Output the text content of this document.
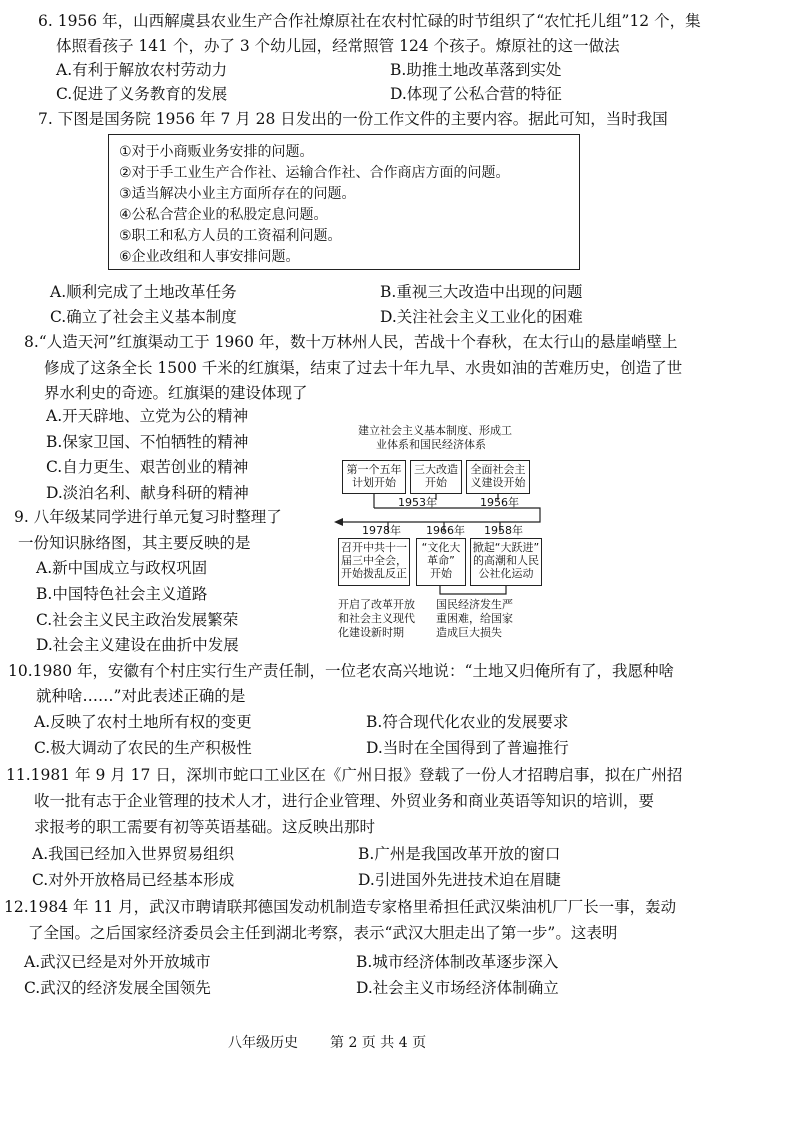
6. 1956 年，山西解虞县农业生产合作社燎原社在农村忙碌的时节组织了“农忙托儿组”12 个，集
体照看孩子 141 个，办了 3 个幼儿园，经常照管 124 个孩子。燎原社的这一做法
A.有利于解放农村劳动力	B.助推土地改革落到实处
C.促进了义务教育的发展	D.体现了公私合营的特征
7. 下图是国务院 1956 年 7 月 28 日发出的一份工作文件的主要内容。据此可知，当时我国
①对于小商贩业务安排的问题。
②对于手工业生产合作社、运输合作社、合作商店方面的问题。
③适当解决小业主方面所存在的问题。
④公私合营企业的私股定息问题。
⑤职工和私方人员的工资福利问题。
⑥企业改组和人事安排问题。
A.顺利完成了土地改革任务	B.重视三大改造中出现的问题
C.确立了社会主义基本制度	D.关注社会主义工业化的困难
8.“人造天河”红旗渠动工于 1960 年，数十万林州人民，苦战十个春秋，在太行山的悬崖峭壁上
修成了这条全长 1500 千米的红旗渠，结束了过去十年九旱、水贵如油的苦难历史，创造了世
界水利史的奇迹。红旗渠的建设体现了
A.开天辟地、立党为公的精神
B.保家卫国、不怕牺牲的精神
C.自力更生、艰苦创业的精神
D.淡泊名利、献身科研的精神
9. 八年级某同学进行单元复习时整理了
一份知识脉络图，其主要反映的是
A.新中国成立与政权巩固
B.中国特色社会主义道路
C.社会主义民主政治发展繁荣
D.社会主义建设在曲折中发展
建立社会主义基本制度、形成工
业体系和国民经济体系
第一个五年
计划开始
三大改造
开始
全面社会主
义建设开始
1953年	1956年
1978年 1966年 1958年
召开中共十一
届三中全会，
开始拨乱反正
“文化大
革命”
开始
掀起“大跃进”
的高潮和人民
公社化运动
开启了改革开放
和社会主义现代
化建设新时期
国民经济发生严
重困难，给国家
造成巨大损失
10.1980 年，安徽有个村庄实行生产责任制，一位老农高兴地说：“土地又归俺所有了，我愿种啥
就种啥……”对此表述正确的是
A.反映了农村土地所有权的变更	B.符合现代化农业的发展要求
C.极大调动了农民的生产积极性	D.当时在全国得到了普遍推行
11.1981 年 9 月 17 日，深圳市蛇口工业区在《广州日报》登载了一份人才招聘启事，拟在广州招
收一批有志于企业管理的技术人才，进行企业管理、外贸业务和商业英语等知识的培训，要
求报考的职工需要有初等英语基础。这反映出那时
A.我国已经加入世界贸易组织	B.广州是我国改革开放的窗口
C.对外开放格局已经基本形成	D.引进国外先进技术迫在眉睫
12.1984 年 11 月，武汉市聘请联邦德国发动机制造专家格里希担任武汉柴油机厂厂长一事，轰动
了全国。之后国家经济委员会主任到湖北考察，表示“武汉大胆走出了第一步”。这表明
A.武汉已经是对外开放城市	B.城市经济体制改革逐步深入
C.武汉的经济发展全国领先	D.社会主义市场经济体制确立
八年级历史 第 2 页 共 4 页
